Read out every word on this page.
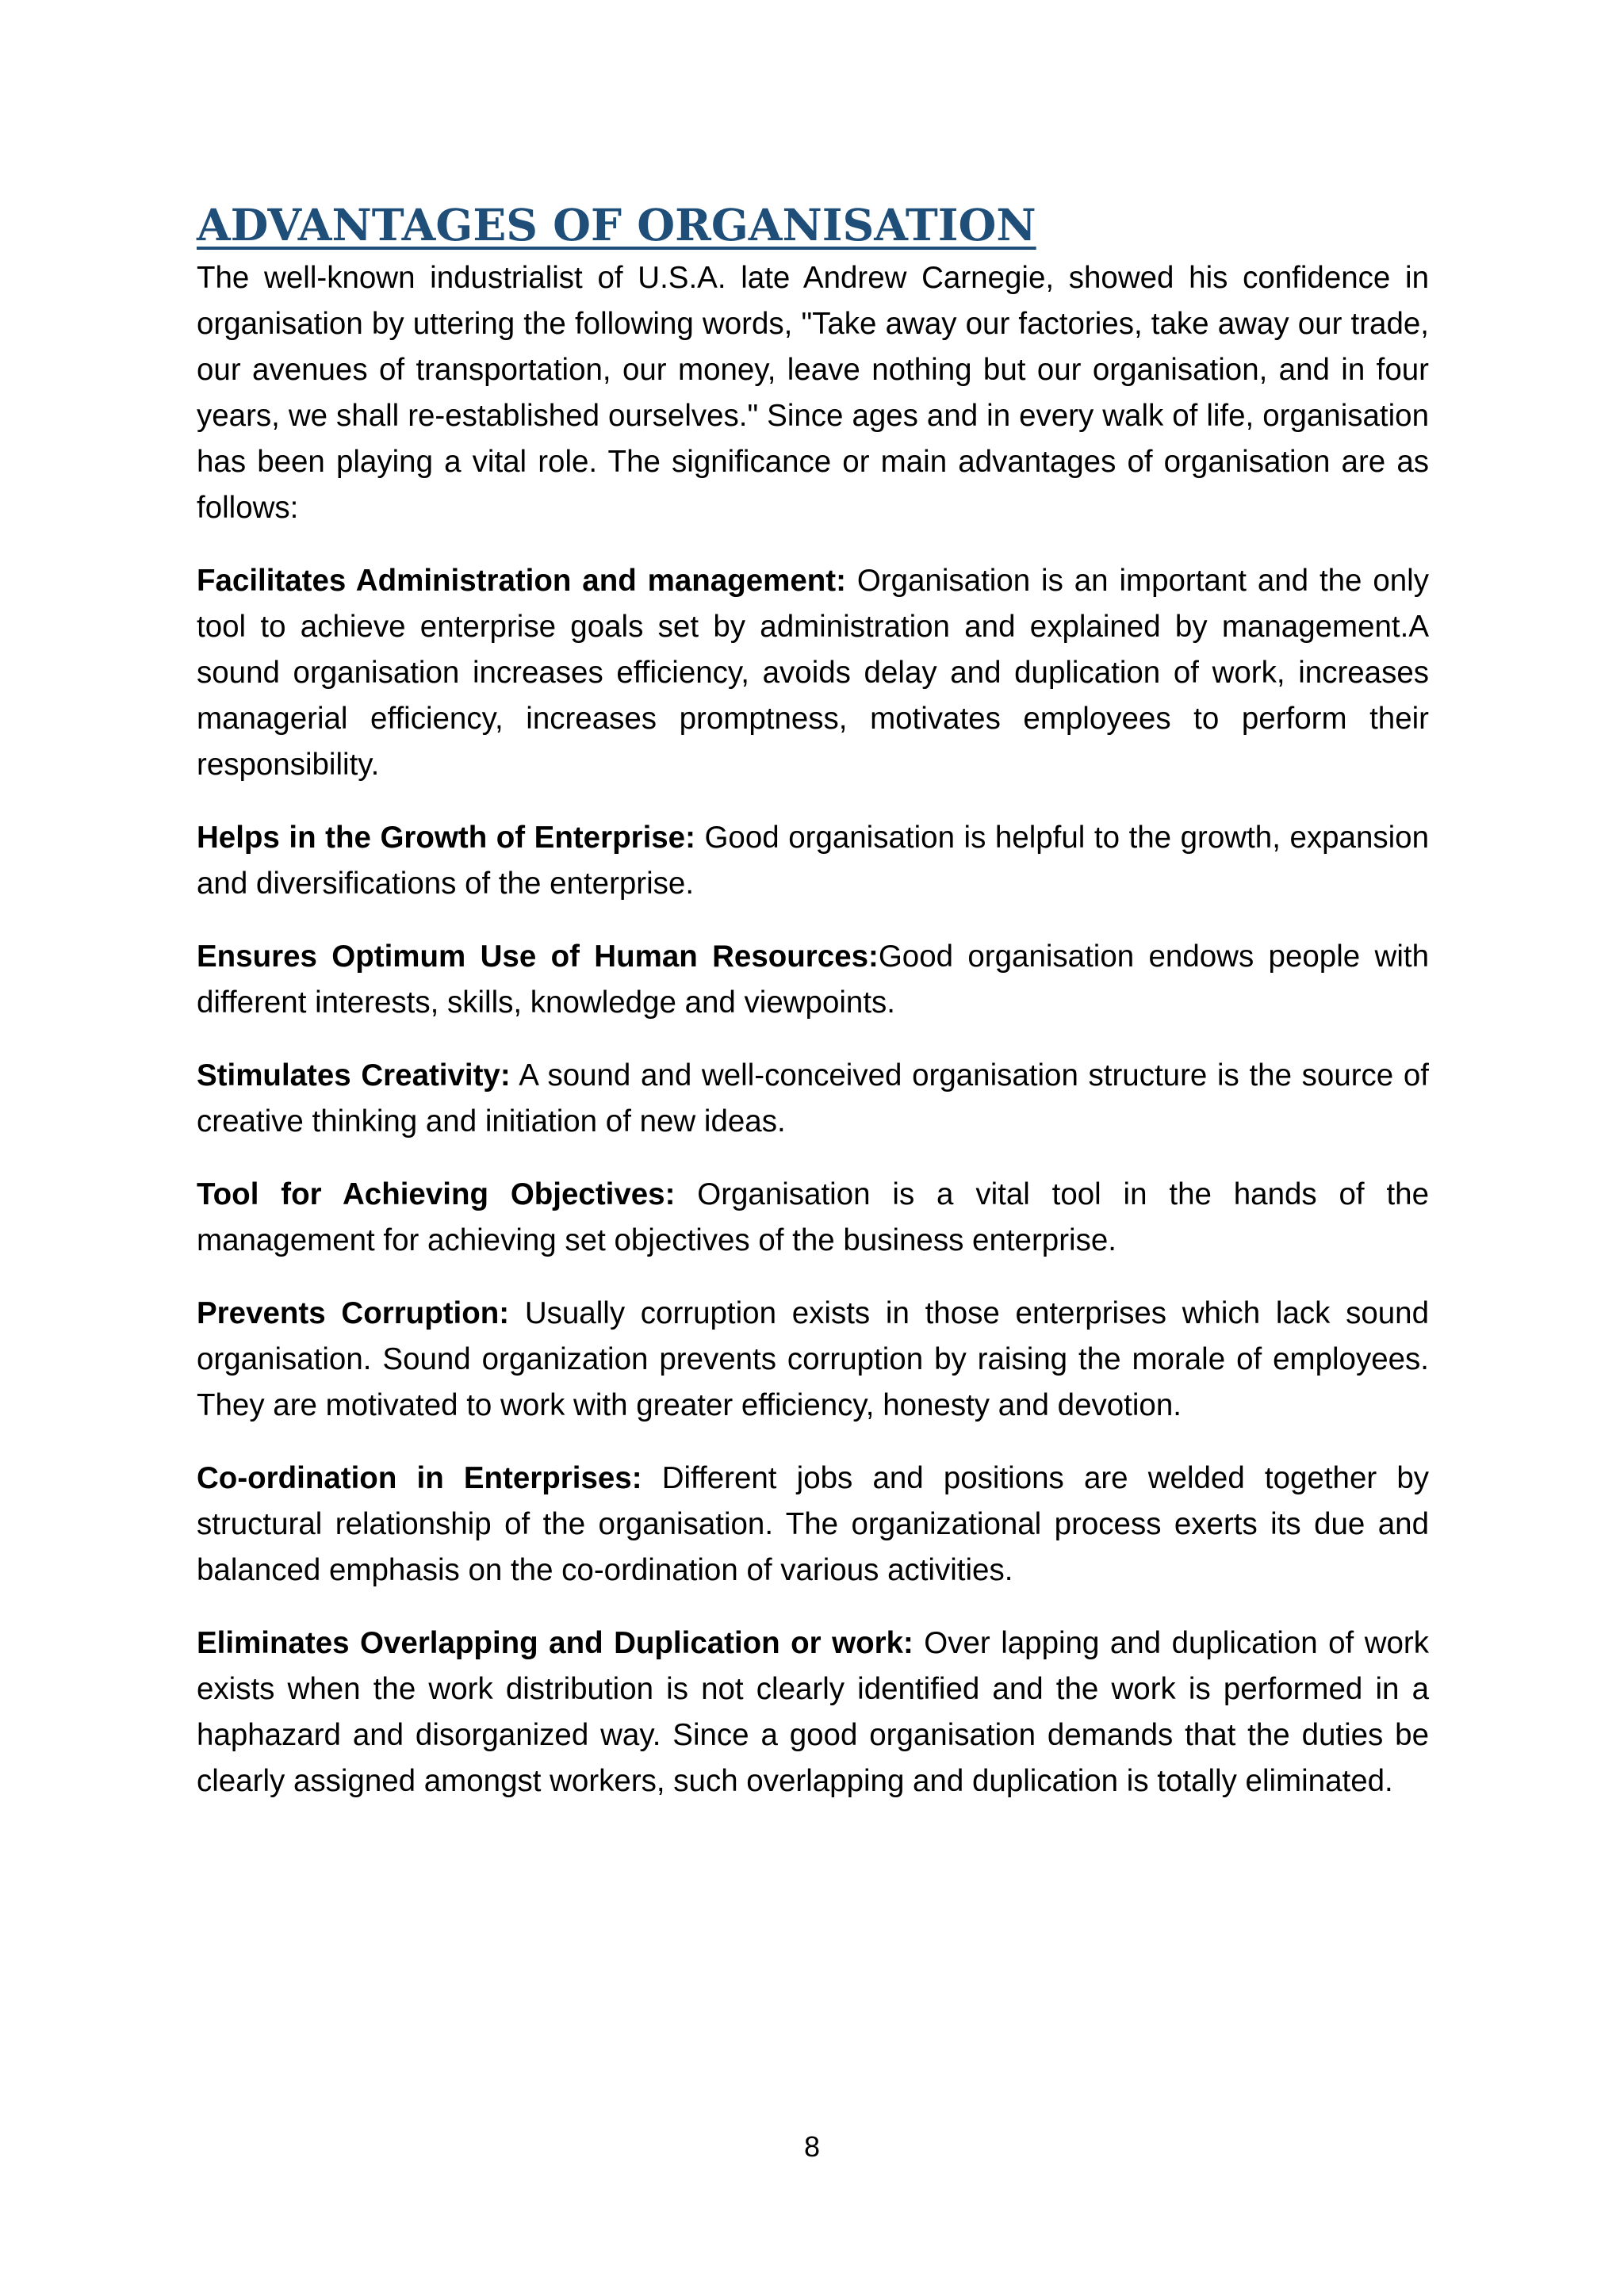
ADVANTAGES OF ORGANISATION

The well-known industrialist of U.S.A. late Andrew Carnegie, showed his confidence in organisation by uttering the following words, "Take away our factories, take away our trade, our avenues of transportation, our money, leave nothing but our organisation, and in four years, we shall re-established ourselves." Since ages and in every walk of life, organisation has been playing a vital role. The significance or main advantages of organisation are as follows:

Facilitates Administration and management: Organisation is an important and the only tool to achieve enterprise goals set by administration and explained by management.A sound organisation increases efficiency, avoids delay and duplication of work, increases managerial efficiency, increases promptness, motivates employees to perform their responsibility.

Helps in the Growth of Enterprise: Good organisation is helpful to the growth, expansion and diversifications of the enterprise.

Ensures Optimum Use of Human Resources:Good organisation endows people with different interests, skills, knowledge and viewpoints.

Stimulates Creativity: A sound and well-conceived organisation structure is the source of creative thinking and initiation of new ideas.

Tool for Achieving Objectives: Organisation is a vital tool in the hands of the management for achieving set objectives of the business enterprise.

Prevents Corruption: Usually corruption exists in those enterprises which lack sound organisation. Sound organization prevents corruption by raising the morale of employees. They are motivated to work with greater efficiency, honesty and devotion.

Co-ordination in Enterprises: Different jobs and positions are welded together by structural relationship of the organisation. The organizational process exerts its due and balanced emphasis on the co-ordination of various activities.

Eliminates Overlapping and Duplication or work: Over lapping and duplication of work exists when the work distribution is not clearly identified and the work is performed in a haphazard and disorganized way. Since a good organisation demands that the duties be clearly assigned amongst workers, such overlapping and duplication is totally eliminated.

8
